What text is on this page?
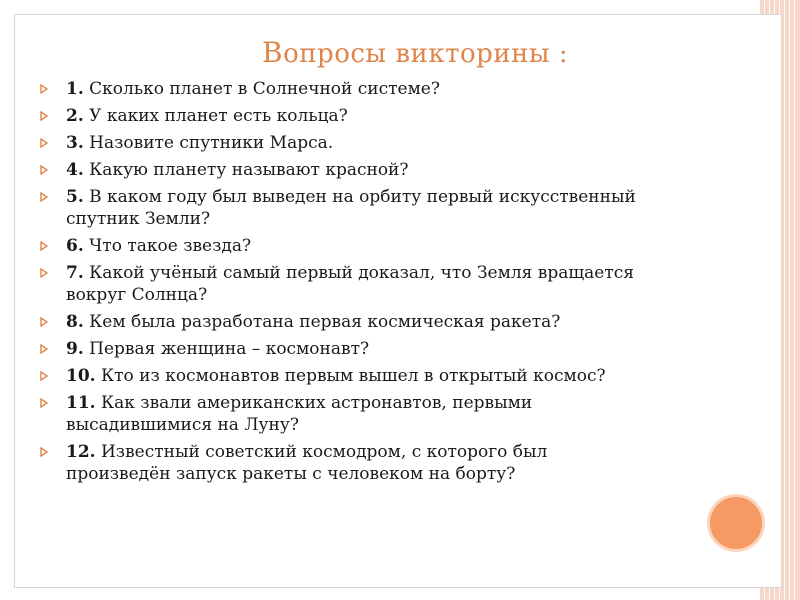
Вопросы викторины :
1. Сколько планет в Солнечной системе?
2. У каких планет есть кольца?
3. Назовите спутники Марса.
4. Какую планету называют красной?
5. В каком году был выведен на орбиту первый искусственный спутник Земли?
6. Что такое звезда?
7. Какой учёный самый первый доказал, что Земля вращается вокруг Солнца?
8. Кем была разработана первая космическая ракета?
9. Первая женщина – космонавт?
10. Кто из космонавтов первым вышел в открытый космос?
11. Как звали американских астронавтов, первыми высадившимися на Луну?
12. Известный советский космодром, с которого был произведён запуск ракеты с человеком на борту?
